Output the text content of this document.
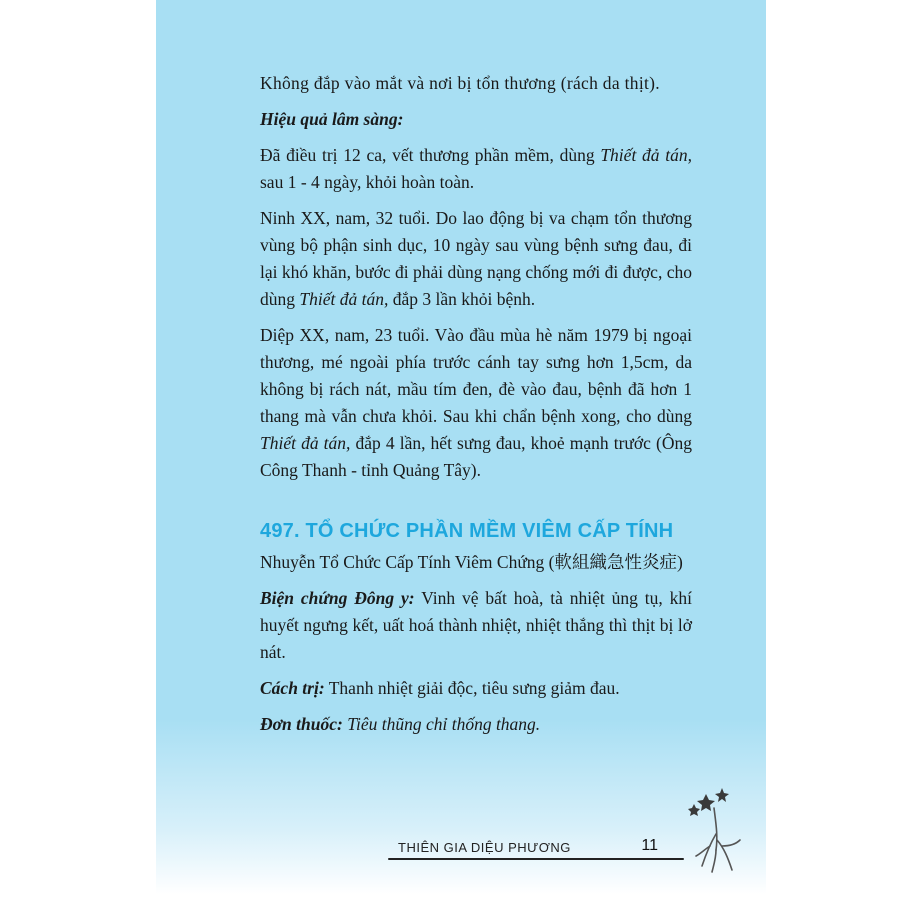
Không đắp vào mắt và nơi bị tổn thương (rách da thịt).

Hiệu quả lâm sàng:

Đã điều trị 12 ca, vết thương phần mềm, dùng Thiết đả tán, sau 1 - 4 ngày, khỏi hoàn toàn.

Ninh XX, nam, 32 tuổi. Do lao động bị va chạm tổn thương vùng bộ phận sinh dục, 10 ngày sau vùng bệnh sưng đau, đi lại khó khăn, bước đi phải dùng nạng chống mới đi được, cho dùng Thiết đả tán, đắp 3 lần khỏi bệnh.

Diệp XX, nam, 23 tuổi. Vào đầu mùa hè năm 1979 bị ngoại thương, mé ngoài phía trước cánh tay sưng hơn 1,5cm, da không bị rách nát, mầu tím đen, đè vào đau, bệnh đã hơn 1 thang mà vẫn chưa khỏi. Sau khi chẩn bệnh xong, cho dùng Thiết đả tán, đắp 4 lần, hết sưng đau, khoẻ mạnh trước (Ông Công Thanh - tỉnh Quảng Tây).

497. TỔ CHỨC PHẦN MỀM VIÊM CẤP TÍNH

Nhuyễn Tổ Chức Cấp Tính Viêm Chứng (軟組織急性炎症)

Biện chứng Đông y: Vinh vệ bất hoà, tà nhiệt ủng tụ, khí huyết ngưng kết, uất hoá thành nhiệt, nhiệt thắng thì thịt bị lở nát.

Cách trị: Thanh nhiệt giải độc, tiêu sưng giảm đau.

Đơn thuốc: Tiêu thũng chỉ thống thang.

THIÊN GIA DIỆU PHƯƠNG	11
